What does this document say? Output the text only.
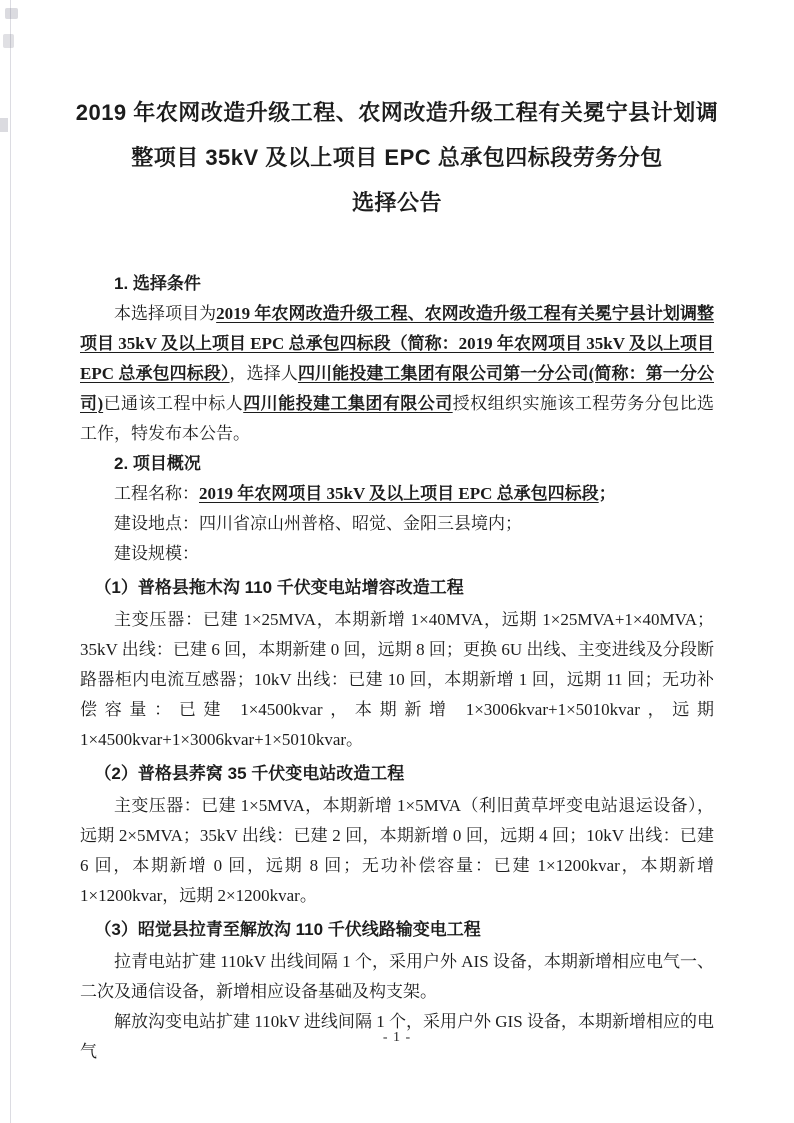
2019 年农网改造升级工程、农网改造升级工程有关冕宁县计划调
整项目 35kV 及以上项目 EPC 总承包四标段劳务分包
选择公告
1. 选择条件
本选择项目为2019 年农网改造升级工程、农网改造升级工程有关冕宁县计划调整项目 35kV 及以上项目 EPC 总承包四标段（简称：2019 年农网项目 35kV 及以上项目 EPC 总承包四标段），选择人四川能投建工集团有限公司第一分公司(简称：第一分公司)已通该工程中标人四川能投建工集团有限公司授权组织实施该工程劳务分包比选工作，特发布本公告。
2. 项目概况
工程名称：2019 年农网项目 35kV 及以上项目 EPC 总承包四标段；
建设地点：四川省凉山州普格、昭觉、金阳三县境内；
建设规模：
（1）普格县拖木沟 110 千伏变电站增容改造工程
主变压器：已建 1×25MVA，本期新增 1×40MVA，远期 1×25MVA+1×40MVA；35kV 出线：已建 6 回，本期新建 0 回，远期 8 回；更换 6U 出线、主变进线及分段断路器柜内电流互感器；10kV 出线：已建 10 回，本期新增 1 回，远期 11 回；无功补偿容量：已建 1×4500kvar，本期新增 1×3006kvar+1×5010kvar，远期 1×4500kvar+1×3006kvar+1×5010kvar。
（2）普格县荞窝 35 千伏变电站改造工程
主变压器：已建 1×5MVA，本期新增 1×5MVA（利旧黄草坪变电站退运设备），远期 2×5MVA；35kV 出线：已建 2 回，本期新增 0 回，远期 4 回；10kV 出线：已建 6 回，本期新增 0 回，远期 8 回；无功补偿容量：已建 1×1200kvar，本期新增 1×1200kvar，远期 2×1200kvar。
（3）昭觉县拉青至解放沟 110 千伏线路输变电工程
拉青电站扩建 110kV 出线间隔 1 个，采用户外 AIS 设备，本期新增相应电气一、二次及通信设备，新增相应设备基础及构支架。
解放沟变电站扩建 110kV 进线间隔 1 个，采用户外 GIS 设备，本期新增相应的电气
- 1 -
